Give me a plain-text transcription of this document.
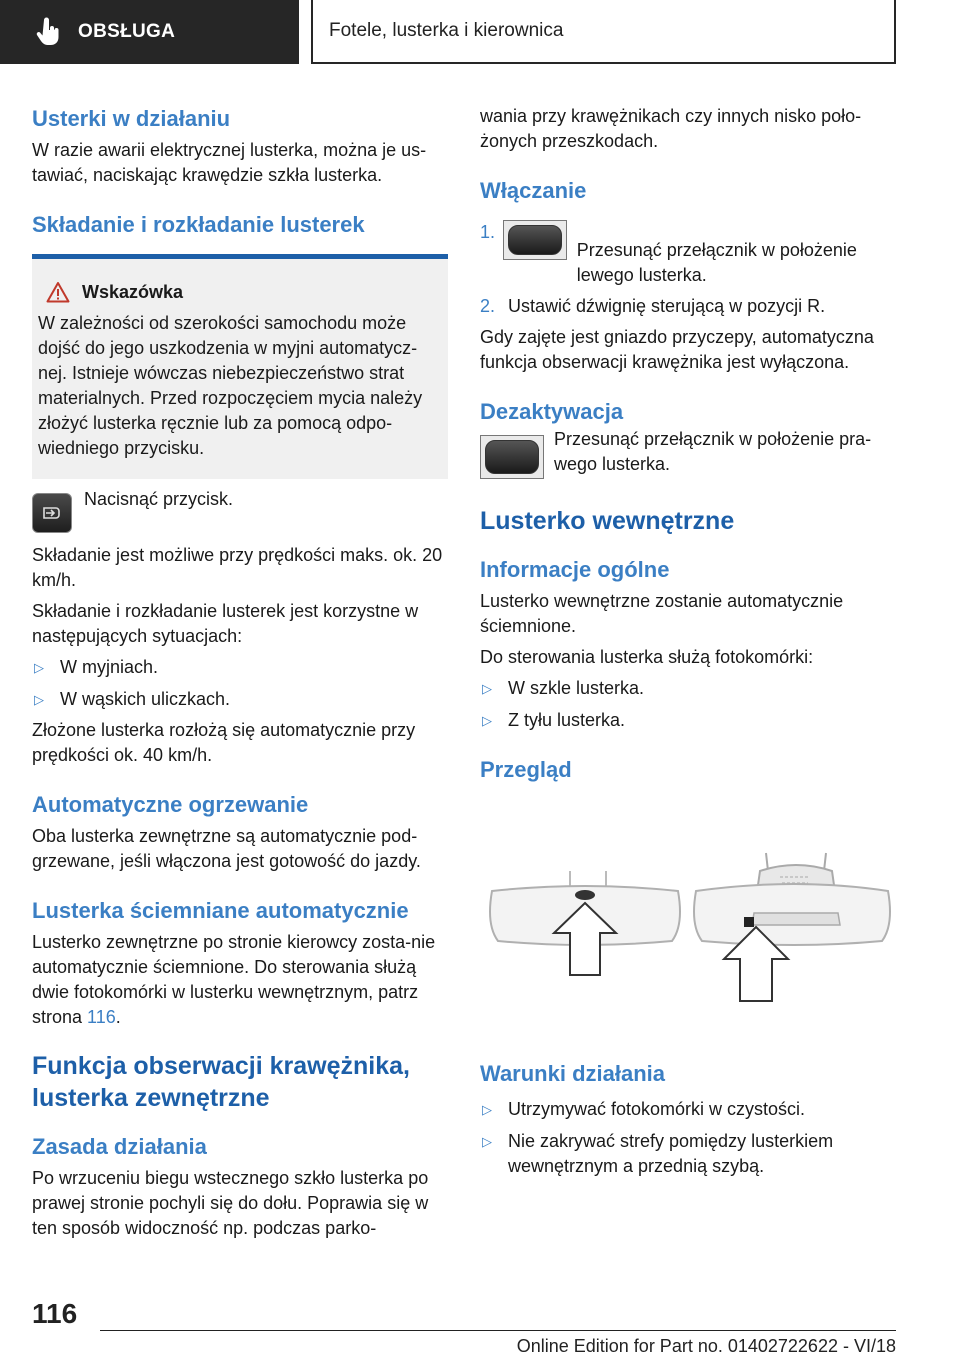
OBSŁUGA	Fotele, lusterka i kierownica
Usterki w działaniu

W razie awarii elektrycznej lusterka, można je us-tawiać, naciskając krawędzie szkła lusterka.

Składanie i rozkładanie lusterek
Wskazówka

W zależności od szerokości samochodu może dojść do jego uszkodzenia w myjni automatycz-nej. Istnieje wówczas niebezpieczeństwo strat materialnych. Przed rozpoczęciem mycia należy złożyć lusterka ręcznie lub za pomocą odpo-wiedniego przycisku.

Nacisnąć przycisk.

Składanie jest możliwe przy prędkości maks. ok. 20 km/h.

Składanie i rozkładanie lusterek jest korzystne w następujących sytuacjach:

▷ W myjniach.
▷ W wąskich uliczkach.

Złożone lusterka rozłożą się automatycznie przy prędkości ok. 40 km/h.

Automatyczne ogrzewanie

Oba lusterka zewnętrzne są automatycznie pod-grzewane, jeśli włączona jest gotowość do jazdy.

Lusterka ściemniane automatycznie

Lusterko zewnętrzne po stronie kierowcy zosta-nie automatycznie ściemnione. Do sterowania służą dwie fotokomórki w lusterku wewnętrznym, patrz strona 116.

Funkcja obserwacji krawężnika, lusterka zewnętrzne
Zasada działania

Po wrzuceniu biegu wstecznego szkło lusterka po prawej stronie pochyli się do dołu. Poprawia się w ten sposób widoczność np. podczas parko-

wania przy krawężnikach czy innych nisko poło-żonych przeszkodach.

Włączanie
1.

Przesunąć przełącznik w położenie lewego lusterka.

2. Ustawić dźwignię sterującą w pozycji R.

Gdy zajęte jest gniazdo przyczepy, automatyczna funkcja obserwacji krawężnika jest wyłączona.

Dezaktywacja

Przesunąć przełącznik w położenie pra-wego lusterka.

Lusterko wewnętrzne
Informacje ogólne

Lusterko wewnętrzne zostanie automatycznie ściemnione.

Do sterowania lusterka służą fotokomórki:

▷ W szkle lusterka.
▷ Z tyłu lusterka.
Przegląd
Warunki działania
▷ Utrzymywać fotokomórki w czystości.
▷ Nie zakrywać strefy pomiędzy lusterkiem wewnętrznym a przednią szybą.
116
Online Edition for Part no. 01402722622 - VI/18
